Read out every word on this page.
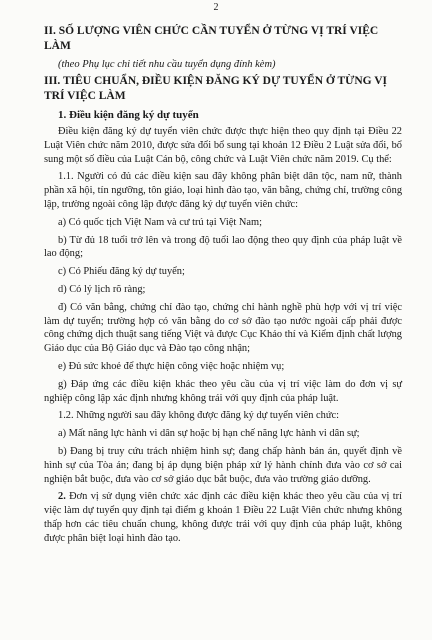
2

II. SỐ LƯỢNG VIÊN CHỨC CẦN TUYỂN Ở TỪNG VỊ TRÍ VIỆC LÀM

(theo Phụ lục chi tiết nhu cầu tuyển dụng đính kèm)

III. TIÊU CHUẨN, ĐIỀU KIỆN ĐĂNG KÝ DỰ TUYỂN Ở TỪNG VỊ TRÍ VIỆC LÀM

1. Điều kiện đăng ký dự tuyển

Điều kiện đăng ký dự tuyển viên chức được thực hiện theo quy định tại Điều 22 Luật Viên chức năm 2010, được sửa đổi bổ sung tại khoản 12 Điều 2 Luật sửa đổi, bổ sung một số điều của Luật Cán bộ, công chức và Luật Viên chức năm 2019. Cụ thể:

1.1. Người có đủ các điều kiện sau đây không phân biệt dân tộc, nam nữ, thành phần xã hội, tín ngưỡng, tôn giáo, loại hình đào tạo, văn bằng, chứng chỉ, trường công lập, trường ngoài công lập được đăng ký dự tuyển viên chức:

a) Có quốc tịch Việt Nam và cư trú tại Việt Nam;

b) Từ đủ 18 tuổi trở lên và trong độ tuổi lao động theo quy định của pháp luật về lao động;

c) Có Phiếu đăng ký dự tuyển;

d) Có lý lịch rõ ràng;

đ) Có văn bằng, chứng chỉ đào tạo, chứng chỉ hành nghề phù hợp với vị trí việc làm dự tuyển; trường hợp có văn bằng do cơ sở đào tạo nước ngoài cấp phải được công chứng dịch thuật sang tiếng Việt và được Cục Khảo thí và Kiểm định chất lượng Giáo dục của Bộ Giáo dục và Đào tạo công nhận;

e) Đủ sức khoẻ để thực hiện công việc hoặc nhiệm vụ;

g) Đáp ứng các điều kiện khác theo yêu cầu của vị trí việc làm do đơn vị sự nghiệp công lập xác định nhưng không trái với quy định của pháp luật.

1.2. Những người sau đây không được đăng ký dự tuyển viên chức:

a) Mất năng lực hành vi dân sự hoặc bị hạn chế năng lực hành vi dân sự;

b) Đang bị truy cứu trách nhiệm hình sự; đang chấp hành bản án, quyết định về hình sự của Tòa án; đang bị áp dụng biện pháp xử lý hành chính đưa vào cơ sở cai nghiện bắt buộc, đưa vào cơ sở giáo dục bắt buộc, đưa vào trường giáo dưỡng.

2. Đơn vị sử dụng viên chức xác định các điều kiện khác theo yêu cầu của vị trí việc làm dự tuyển quy định tại điểm g khoản 1 Điều 22 Luật Viên chức nhưng không thấp hơn các tiêu chuẩn chung, không được trái với quy định của pháp luật, không được phân biệt loại hình đào tạo.
